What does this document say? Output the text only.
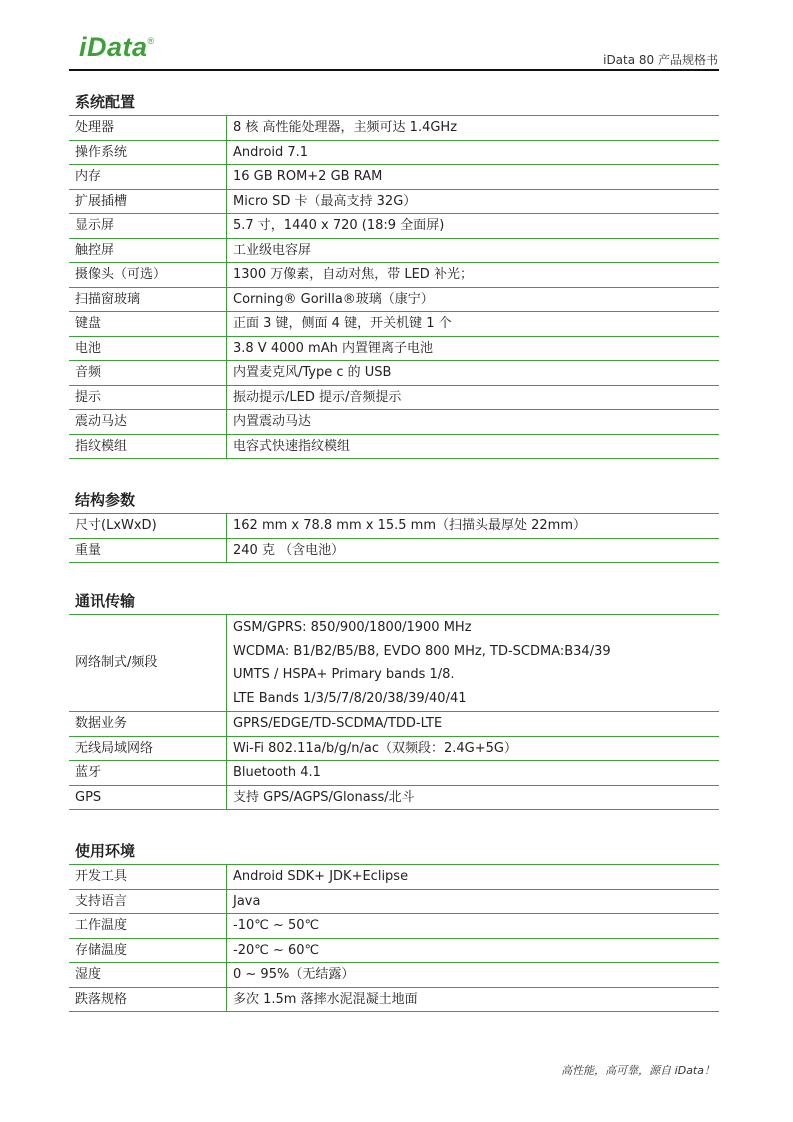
iData®
iData 80 产品规格书
系统配置
处理器	8 核 高性能处理器，主频可达 1.4GHz
操作系统	Android 7.1
内存	16 GB ROM+2 GB RAM
扩展插槽	Micro SD 卡（最高支持 32G）
显示屏	5.7 寸，1440 x 720 (18:9 全面屏)
触控屏	工业级电容屏
摄像头（可选）	1300 万像素，自动对焦，带 LED 补光；
扫描窗玻璃	Corning® Gorilla®玻璃（康宁）
键盘	正面 3 键，侧面 4 键，开关机键 1 个
电池	3.8 V 4000 mAh 内置锂离子电池
音频	内置麦克风/Type c 的 USB
提示	振动提示/LED 提示/音频提示
震动马达	内置震动马达
指纹模组	电容式快速指纹模组
结构参数
尺寸(LxWxD)	162 mm x 78.8 mm x 15.5 mm（扫描头最厚处 22mm）
重量	240 克 （含电池）
通讯传输
网络制式/频段	GSM/GPRS: 850/900/1800/1900 MHz
WCDMA: B1/B2/B5/B8, EVDO 800 MHz, TD-SCDMA:B34/39
UMTS / HSPA+ Primary bands 1/8.
LTE Bands 1/3/5/7/8/20/38/39/40/41

数据业务	GPRS/EDGE/TD-SCDMA/TDD-LTE
无线局域网络	Wi-Fi 802.11a/b/g/n/ac（双频段：2.4G+5G）
蓝牙	Bluetooth 4.1
GPS	支持 GPS/AGPS/Glonass/北斗
使用环境
开发工具	Android SDK+ JDK+Eclipse
支持语言	Java
工作温度	-10℃ ~ 50℃
存储温度	-20℃ ~ 60℃
湿度	0 ~ 95%（无结露）
跌落规格	多次 1.5m 落摔水泥混凝土地面
高性能，高可靠，源自 iData！
